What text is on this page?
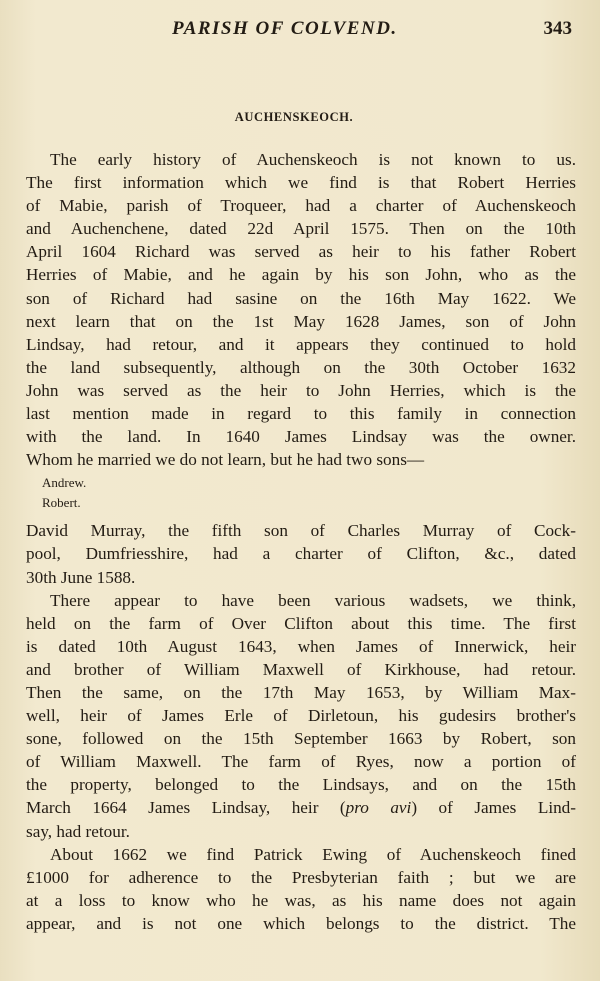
PARISH OF COLVEND.	343
AUCHENSKEOCH.
The early history of Auchenskeoch is not known to us.
The first information which we find is that Robert Herries
of Mabie, parish of Troqueer, had a charter of Auchenskeoch
and Auchenchene, dated 22d April 1575. Then on the 10th
April 1604 Richard was served as heir to his father Robert
Herries of Mabie, and he again by his son John, who as the
son of Richard had sasine on the 16th May 1622. We
next learn that on the 1st May 1628 James, son of John
Lindsay, had retour, and it appears they continued to hold
the land subsequently, although on the 30th October 1632
John was served as the heir to John Herries, which is the
last mention made in regard to this family in connection
with the land. In 1640 James Lindsay was the owner.
Whom he married we do not learn, but he had two sons—
Andrew.
Robert.
David Murray, the fifth son of Charles Murray of Cock-
pool, Dumfriesshire, had a charter of Clifton, &c., dated
30th June 1588.
There appear to have been various wadsets, we think,
held on the farm of Over Clifton about this time. The first
is dated 10th August 1643, when James of Innerwick, heir
and brother of William Maxwell of Kirkhouse, had retour.
Then the same, on the 17th May 1653, by William Max-
well, heir of James Erle of Dirletoun, his gudesirs brother's
sone, followed on the 15th September 1663 by Robert, son
of William Maxwell. The farm of Ryes, now a portion of
the property, belonged to the Lindsays, and on the 15th
March 1664 James Lindsay, heir (pro avi) of James Lind-
say, had retour.
About 1662 we find Patrick Ewing of Auchenskeoch fined
£1000 for adherence to the Presbyterian faith ; but we are
at a loss to know who he was, as his name does not again
appear, and is not one which belongs to the district. The
